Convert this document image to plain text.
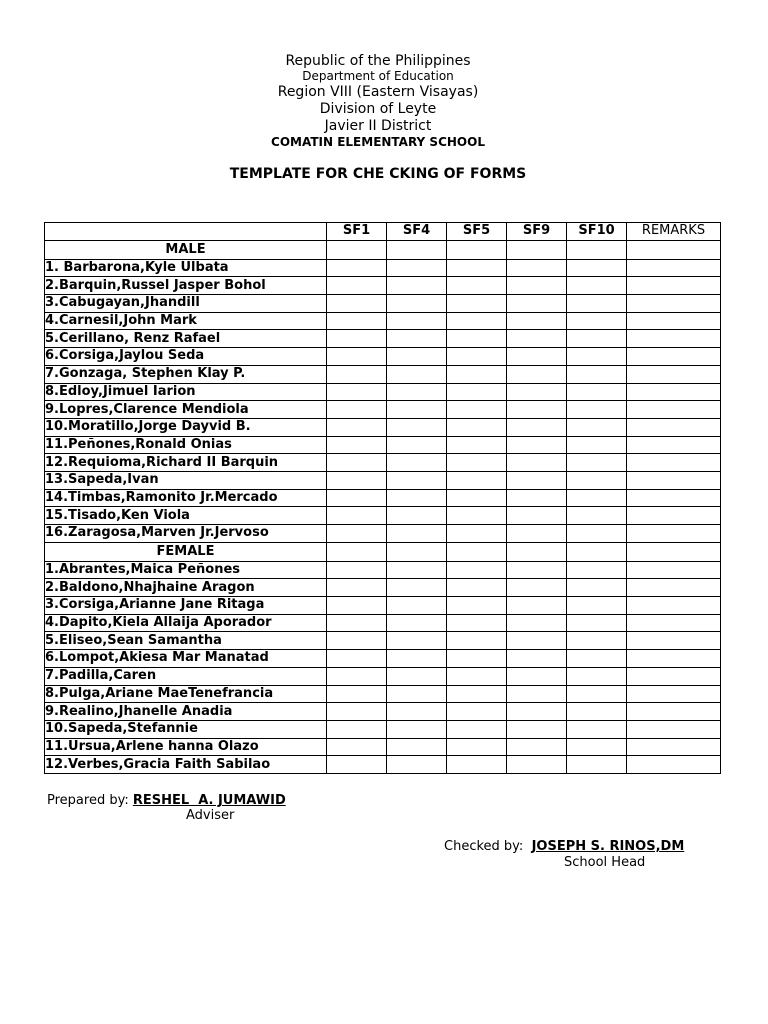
Republic of the Philippines
Department of Education
Region VIII (Eastern Visayas)
Division of Leyte
Javier II District
COMATIN ELEMENTARY SCHOOL
TEMPLATE FOR CHE CKING OF FORMS
	SF1	SF4	SF5	SF9	SF10	REMARKS
MALE						
1. Barbarona,Kyle Ulbata						
2.Barquin,Russel Jasper Bohol						
3.Cabugayan,Jhandill						
4.Carnesil,John Mark						
5.Cerillano, Renz Rafael						
6.Corsiga,Jaylou Seda						
7.Gonzaga, Stephen Klay P.						
8.Edloy,Jimuel Iarion						
9.Lopres,Clarence Mendiola						
10.Moratillo,Jorge Dayvid B.						
11.Peñones,Ronald Onias						
12.Requioma,Richard II Barquin						
13.Sapeda,Ivan						
14.Timbas,Ramonito Jr.Mercado						
15.Tisado,Ken Viola						
16.Zaragosa,Marven Jr.Jervoso						
FEMALE						
1.Abrantes,Maica Peñones						
2.Baldono,Nhajhaine Aragon						
3.Corsiga,Arianne Jane Ritaga						
4.Dapito,Kiela Allaija Aporador						
5.Eliseo,Sean Samantha						
6.Lompot,Akiesa Mar Manatad						
7.Padilla,Caren						
8.Pulga,Ariane MaeTenefrancia						
9.Realino,Jhanelle Anadia						
10.Sapeda,Stefannie						
11.Ursua,Arlene hanna Olazo						
12.Verbes,Gracia Faith Sabilao						
Prepared by: RESHEL  A. JUMAWID
Adviser
Checked by:  JOSEPH S. RINOS,DM
School Head
